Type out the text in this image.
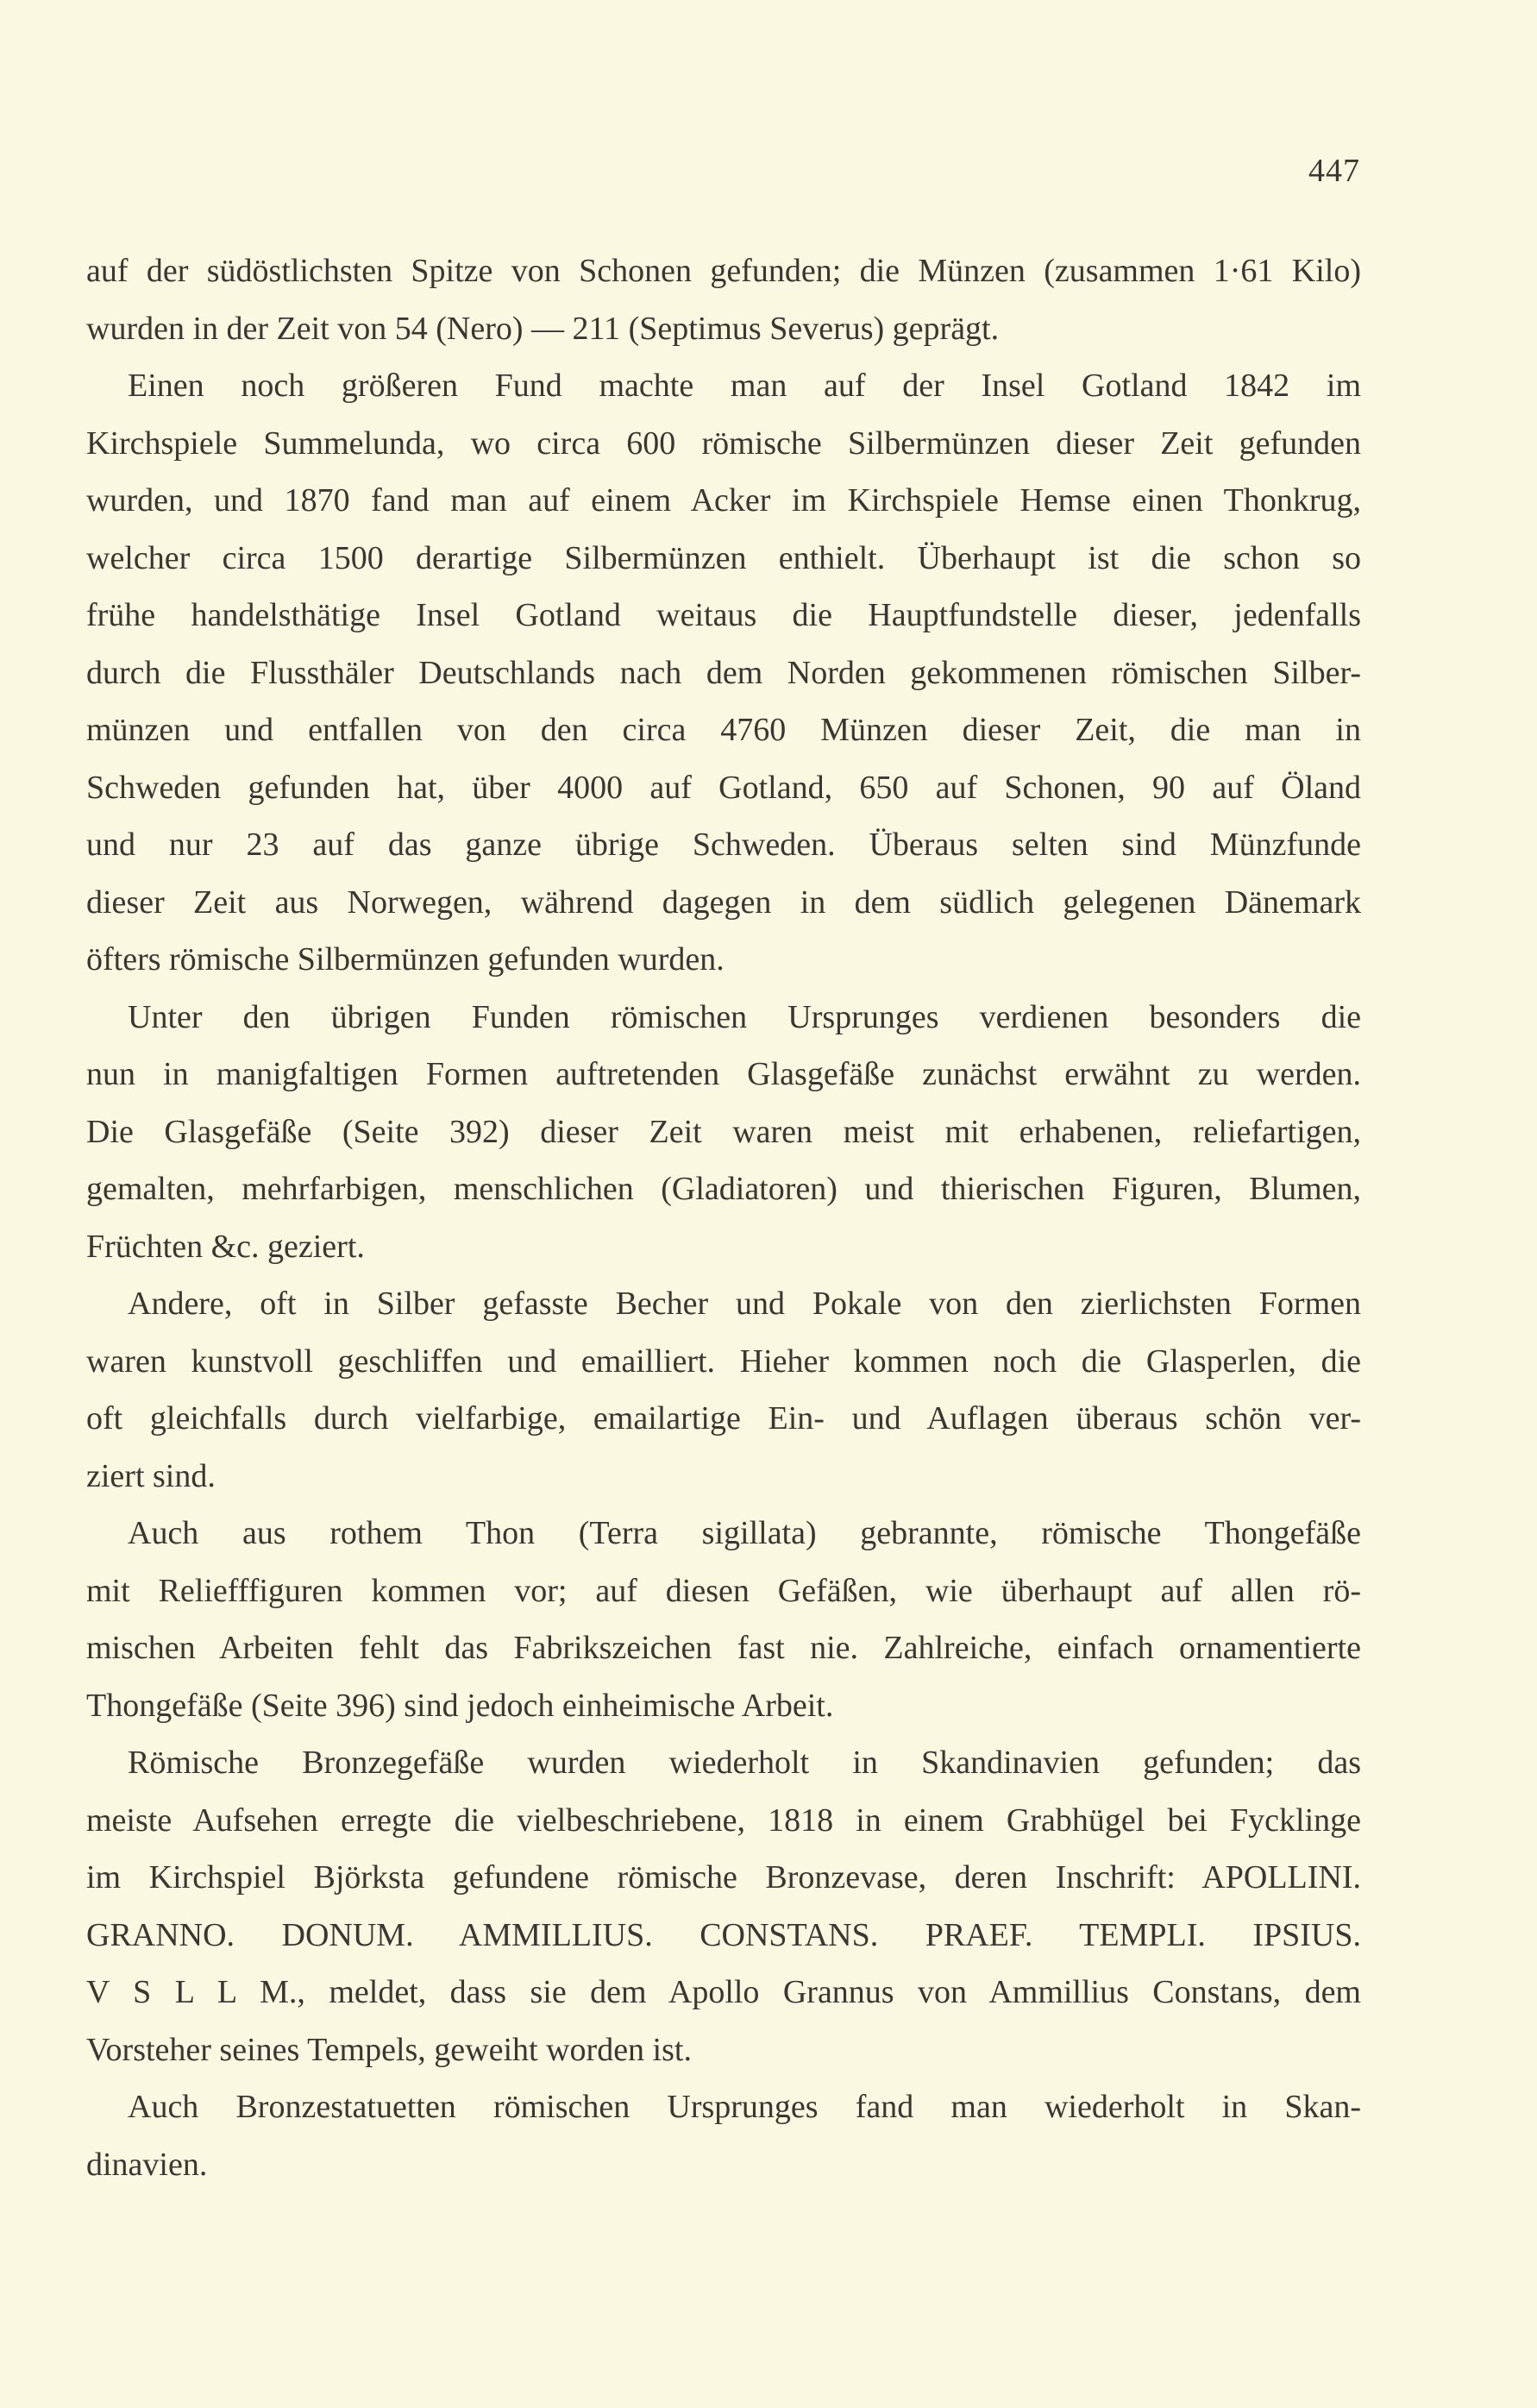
447
auf der südöstlichsten Spitze von Schonen gefunden; die Münzen (zusammen 1·61 Kilo)
wurden in der Zeit von 54 (Nero) — 211 (Septimus Severus) geprägt.
Einen noch größeren Fund machte man auf der Insel Gotland 1842 im
Kirchspiele Summelunda, wo circa 600 römische Silbermünzen dieser Zeit gefunden
wurden, und 1870 fand man auf einem Acker im Kirchspiele Hemse einen Thonkrug,
welcher circa 1500 derartige Silbermünzen enthielt. Überhaupt ist die schon so
frühe handelsthätige Insel Gotland weitaus die Hauptfundstelle dieser, jedenfalls
durch die Flussthäler Deutschlands nach dem Norden gekommenen römischen Silber-
münzen und entfallen von den circa 4760 Münzen dieser Zeit, die man in
Schweden gefunden hat, über 4000 auf Gotland, 650 auf Schonen, 90 auf Öland
und nur 23 auf das ganze übrige Schweden. Überaus selten sind Münzfunde
dieser Zeit aus Norwegen, während dagegen in dem südlich gelegenen Dänemark
öfters römische Silbermünzen gefunden wurden.
Unter den übrigen Funden römischen Ursprunges verdienen besonders die
nun in manigfaltigen Formen auftretenden Glasgefäße zunächst erwähnt zu werden.
Die Glasgefäße (Seite 392) dieser Zeit waren meist mit erhabenen, reliefartigen,
gemalten, mehrfarbigen, menschlichen (Gladiatoren) und thierischen Figuren, Blumen,
Früchten &c. geziert.
Andere, oft in Silber gefasste Becher und Pokale von den zierlichsten Formen
waren kunstvoll geschliffen und emailliert. Hieher kommen noch die Glasperlen, die
oft gleichfalls durch vielfarbige, emailartige Ein- und Auflagen überaus schön ver-
ziert sind.
Auch aus rothem Thon (Terra sigillata) gebrannte, römische Thongefäße
mit Reliefffiguren kommen vor; auf diesen Gefäßen, wie überhaupt auf allen rö-
mischen Arbeiten fehlt das Fabrikszeichen fast nie. Zahlreiche, einfach ornamentierte
Thongefäße (Seite 396) sind jedoch einheimische Arbeit.
Römische Bronzegefäße wurden wiederholt in Skandinavien gefunden; das
meiste Aufsehen erregte die vielbeschriebene, 1818 in einem Grabhügel bei Fycklinge
im Kirchspiel Björksta gefundene römische Bronzevase, deren Inschrift: APOLLINI.
GRANNO. DONUM. AMMILLIUS. CONSTANS. PRAEF. TEMPLI. IPSIUS.
V S L L M., meldet, dass sie dem Apollo Grannus von Ammillius Constans, dem
Vorsteher seines Tempels, geweiht worden ist.
Auch Bronzestatuetten römischen Ursprunges fand man wiederholt in Skan-
dinavien.
